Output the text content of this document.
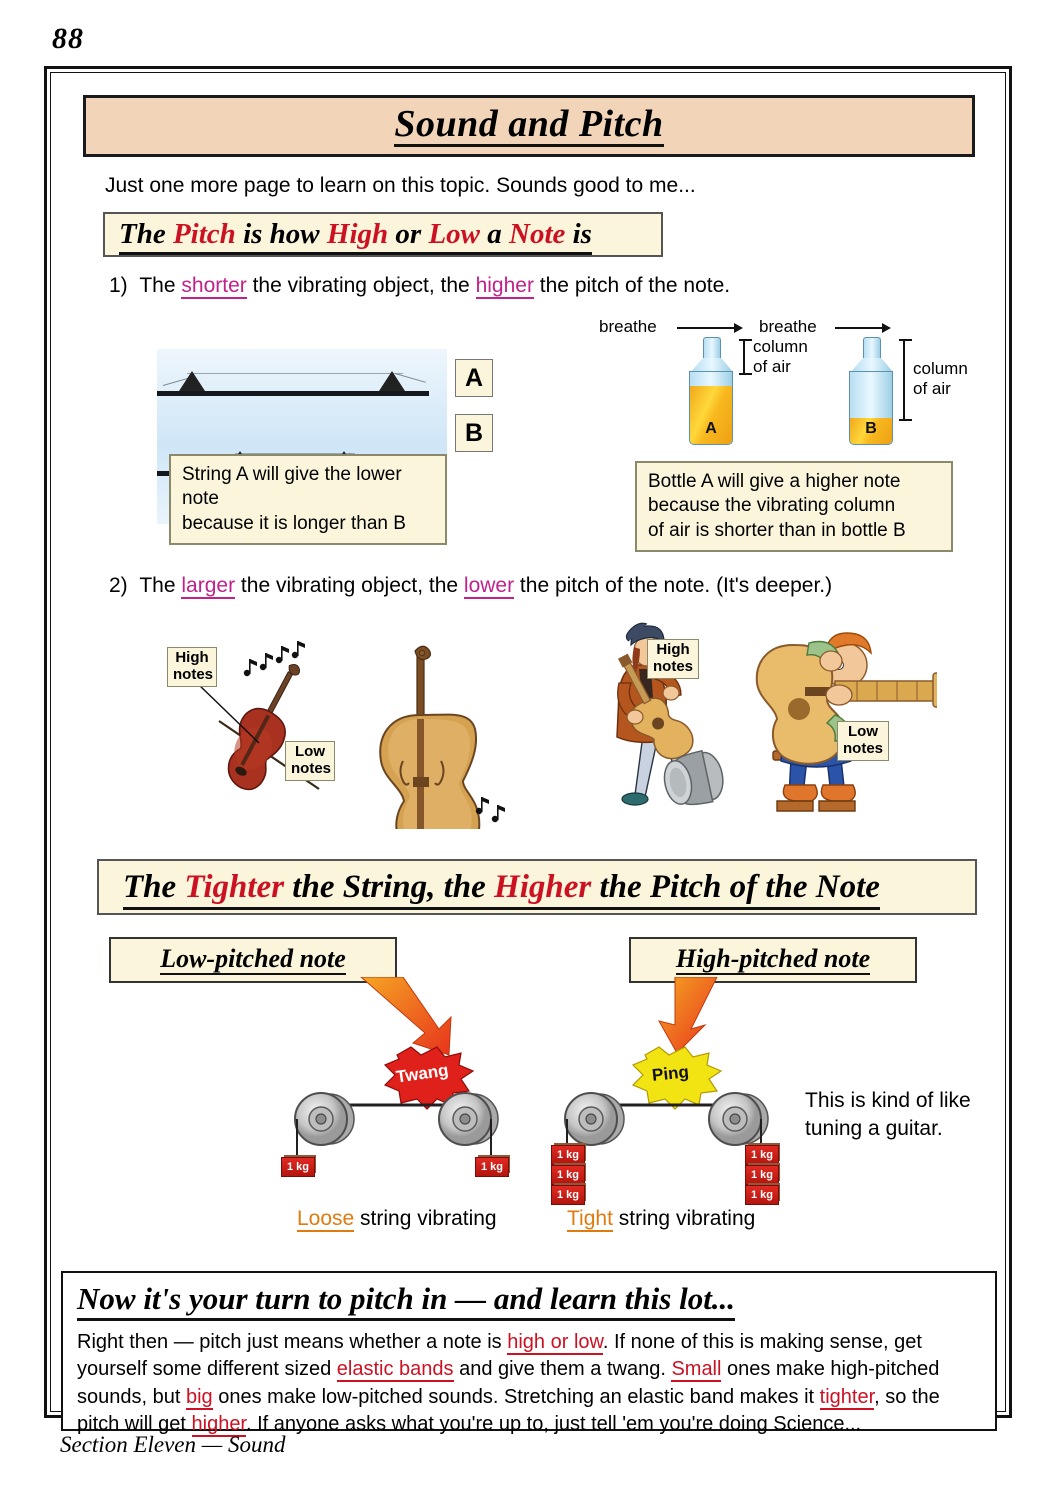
88
Sound and Pitch
Just one more page to learn on this topic. Sounds good to me...
The Pitch is how High or Low a Note is
1) The shorter the vibrating object, the higher the pitch of the note.
A
B
String A will give the lower note
because it is longer than B
breathe	breathe
A
column
of air
B
column
of air
Bottle A will give a higher note
because the vibrating column
of air is shorter than in bottle B
2) The larger the vibrating object, the lower the pitch of the note. (It's deeper.)
High
notes
Low
notes
High
notes
Low
notes
The Tighter the String, the Higher the Pitch of the Note
Low-pitched note	High-pitched note
Twang
1 kg	1 kg
Ping
1 kg
1 kg
1 kg
1 kg
1 kg
1 kg
This is kind of like
tuning a guitar.
Loose string vibrating	Tight string vibrating
Now it's your turn to pitch in — and learn this lot...

Right then — pitch just means whether a note is high or low. If none of this is making sense, get yourself some different sized elastic bands and give them a twang. Small ones make high-pitched sounds, but big ones make low-pitched sounds. Stretching an elastic band makes it tighter, so the pitch will get higher. If anyone asks what you're up to, just tell 'em you're doing Science...

Section Eleven — Sound
